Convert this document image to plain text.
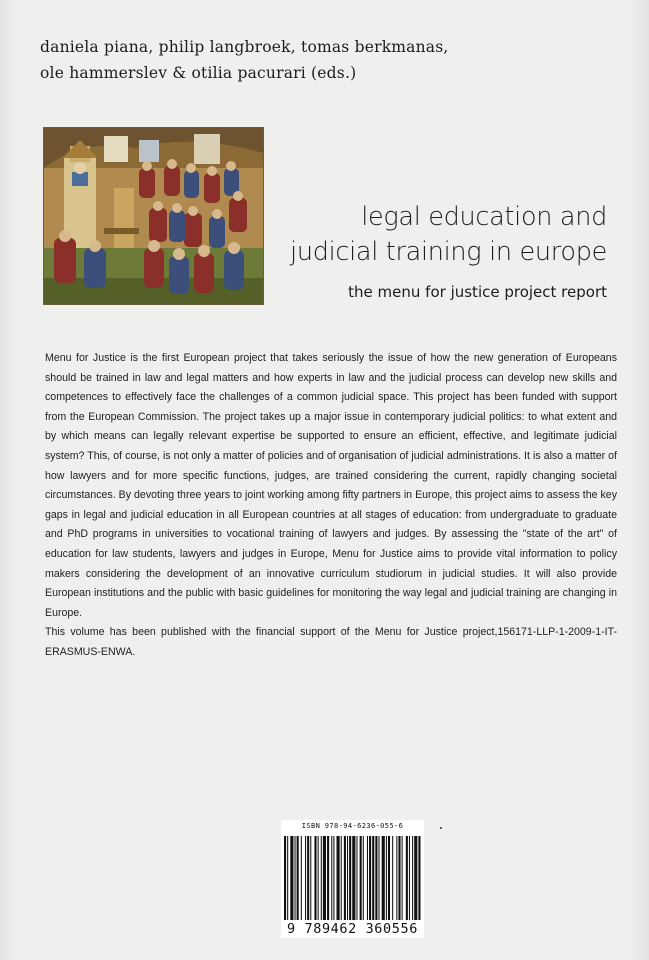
daniela piana, philip langbroek, tomas berkmanas,
ole hammerslev & otilia pacurari (eds.)
legal education and
judicial training in europe
the menu for justice project report

Menu for Justice is the first European project that takes seriously the issue of how the new generation of Europeans should be trained in law and legal matters and how experts in law and the judicial process can develop new skills and competences to effectively face the challenges of a common judicial space. This project has been funded with support from the European Commission. The project takes up a major issue in contemporary judicial politics: to what extent and by which means can legally relevant expertise be supported to ensure an efficient, effective, and legitimate judicial system? This, of course, is not only a matter of policies and of organisation of judicial administrations. It is also a matter of how lawyers and for more specific functions, judges, are trained considering the current, rapidly changing societal circumstances. By devoting three years to joint working among fifty partners in Europe, this project aims to assess the key gaps in legal and judicial education in all European countries at all stages of education: from undergraduate to graduate and PhD programs in universities to vocational training of lawyers and judges. By assessing the "state of the art" of education for law students, lawyers and judges in Europe, Menu for Justice aims to provide vital information to policy makers considering the development of an innovative curriculum studiorum in judicial studies. It will also provide European institutions and the public with basic guidelines for monitoring the way legal and judicial training are changing in Europe.

This volume has been published with the financial support of the Menu for Justice project,156171-LLP-1-2009-1-IT-ERASMUS-ENWA.

ISBN 978-94-6236-055-6
9 789462 360556
